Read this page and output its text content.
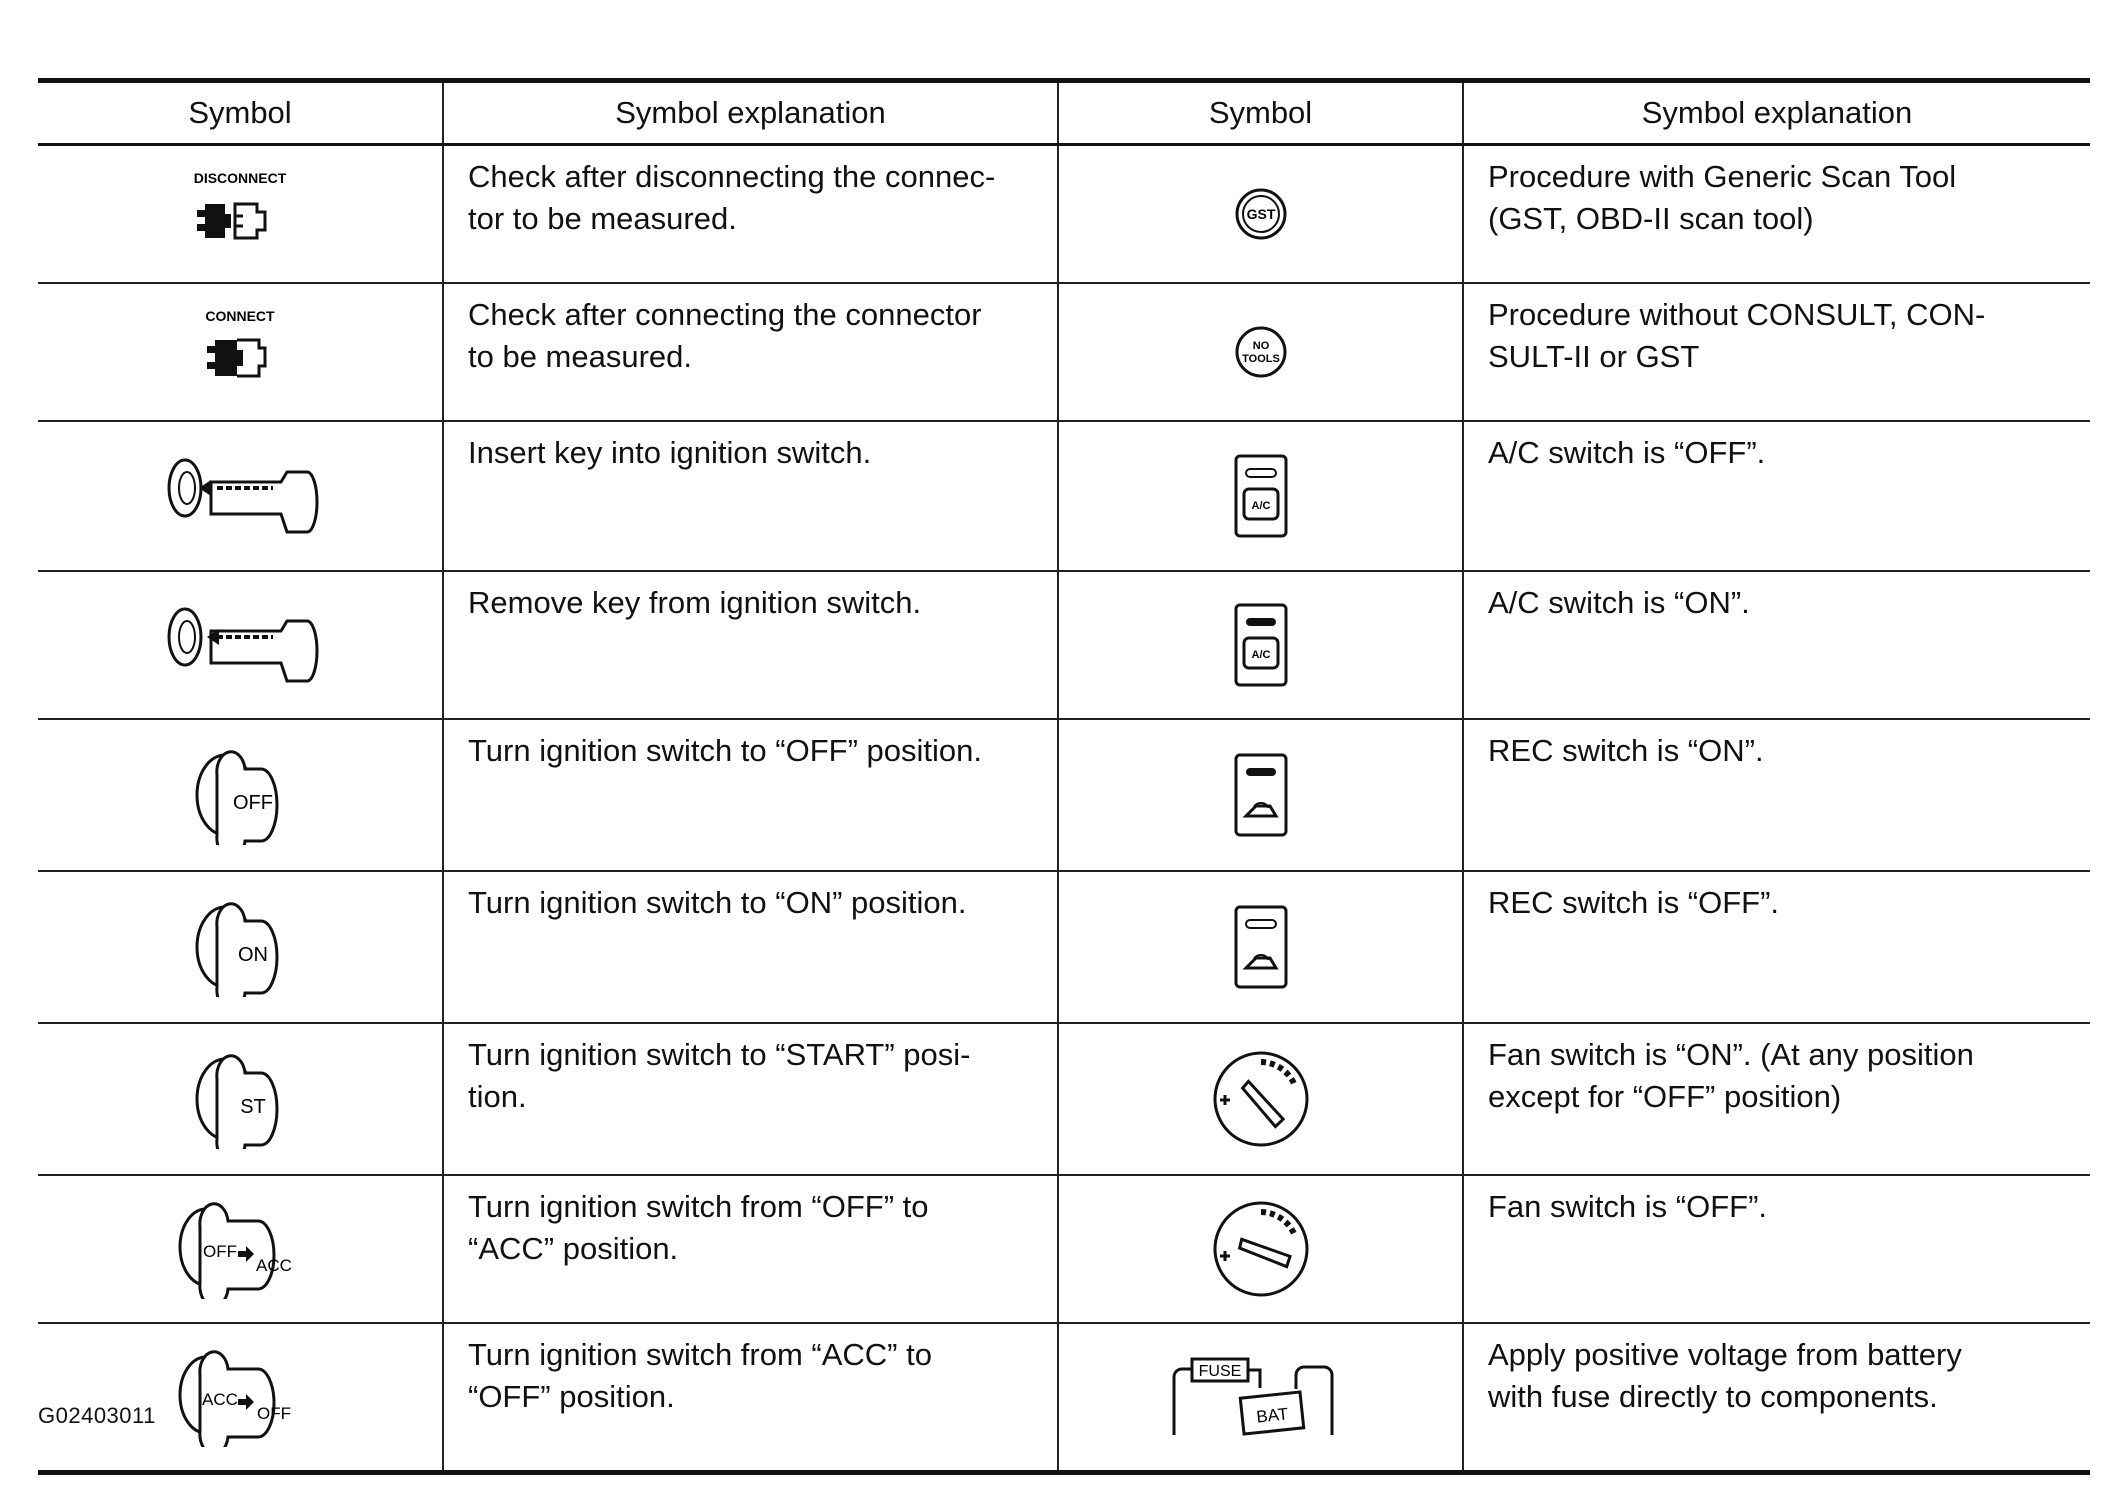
Symbol	Symbol explanation	Symbol	Symbol explanation

DISCONNECT	Check after disconnecting the connec-
tor to be measured.	GST	Procedure with Generic Scan Tool
(GST, OBD-II scan tool)

CONNECT	Check after connecting the connector
to be measured.	NO
TOOLS	Procedure without CONSULT, CON-
SULT-II or GST
	Insert key into ignition switch.	A/C	A/C switch is “OFF”.
	Remove key from ignition switch.	A/C	A/C switch is “ON”.

OFF	Turn ignition switch to “OFF” position.		REC switch is “ON”.

ON	Turn ignition switch to “ON” position.		REC switch is “OFF”.

ST	Turn ignition switch to “START” posi-
tion.		Fan switch is “ON”. (At any position
except for “OFF” position)

OFF
ACC	Turn ignition switch from “OFF” to
“ACC” position.		Fan switch is “OFF”.

ACC
OFF	Turn ignition switch from “ACC” to
“OFF” position.	FUSE
BAT	Apply positive voltage from battery
with fuse directly to components.
G02403011
